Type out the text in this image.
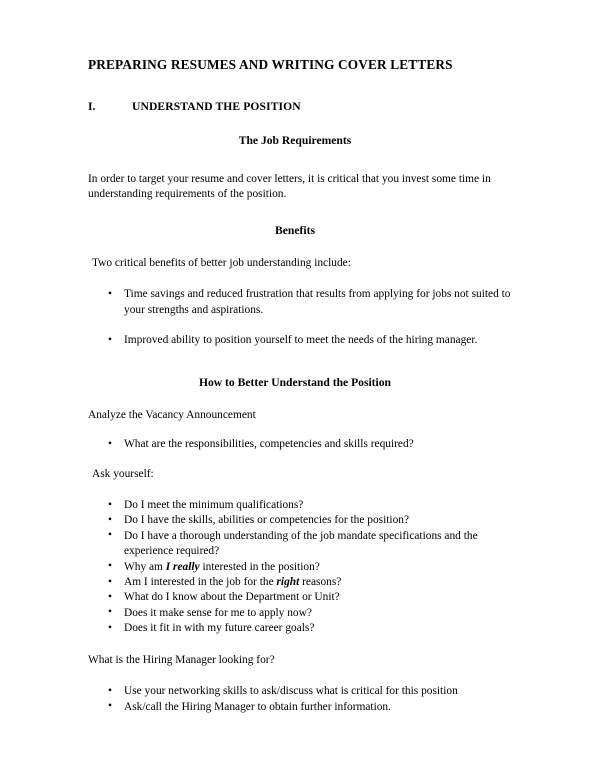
PREPARING RESUMES AND WRITING COVER LETTERS
I.	UNDERSTAND THE POSITION
The Job Requirements

In order to target your resume and cover letters, it is critical that you invest some time in understanding requirements of the position.

Benefits

Two critical benefits of better job understanding include:

• Time savings and reduced frustration that results from applying for jobs not suited to your strengths and aspirations.
• Improved ability to position yourself to meet the needs of the hiring manager.
How to Better Understand the Position

Analyze the Vacancy Announcement

• What are the responsibilities, competencies and skills required?

Ask yourself:

• Do I meet the minimum qualifications?
• Do I have the skills, abilities or competencies for the position?
• Do I have a thorough understanding of the job mandate specifications and the experience required?
• Why am I really interested in the position?
• Am I interested in the job for the right reasons?
• What do I know about the Department or Unit?
• Does it make sense for me to apply now?
• Does it fit in with my future career goals?

What is the Hiring Manager looking for?

• Use your networking skills to ask/discuss what is critical for this position
• Ask/call the Hiring Manager to obtain further information.
